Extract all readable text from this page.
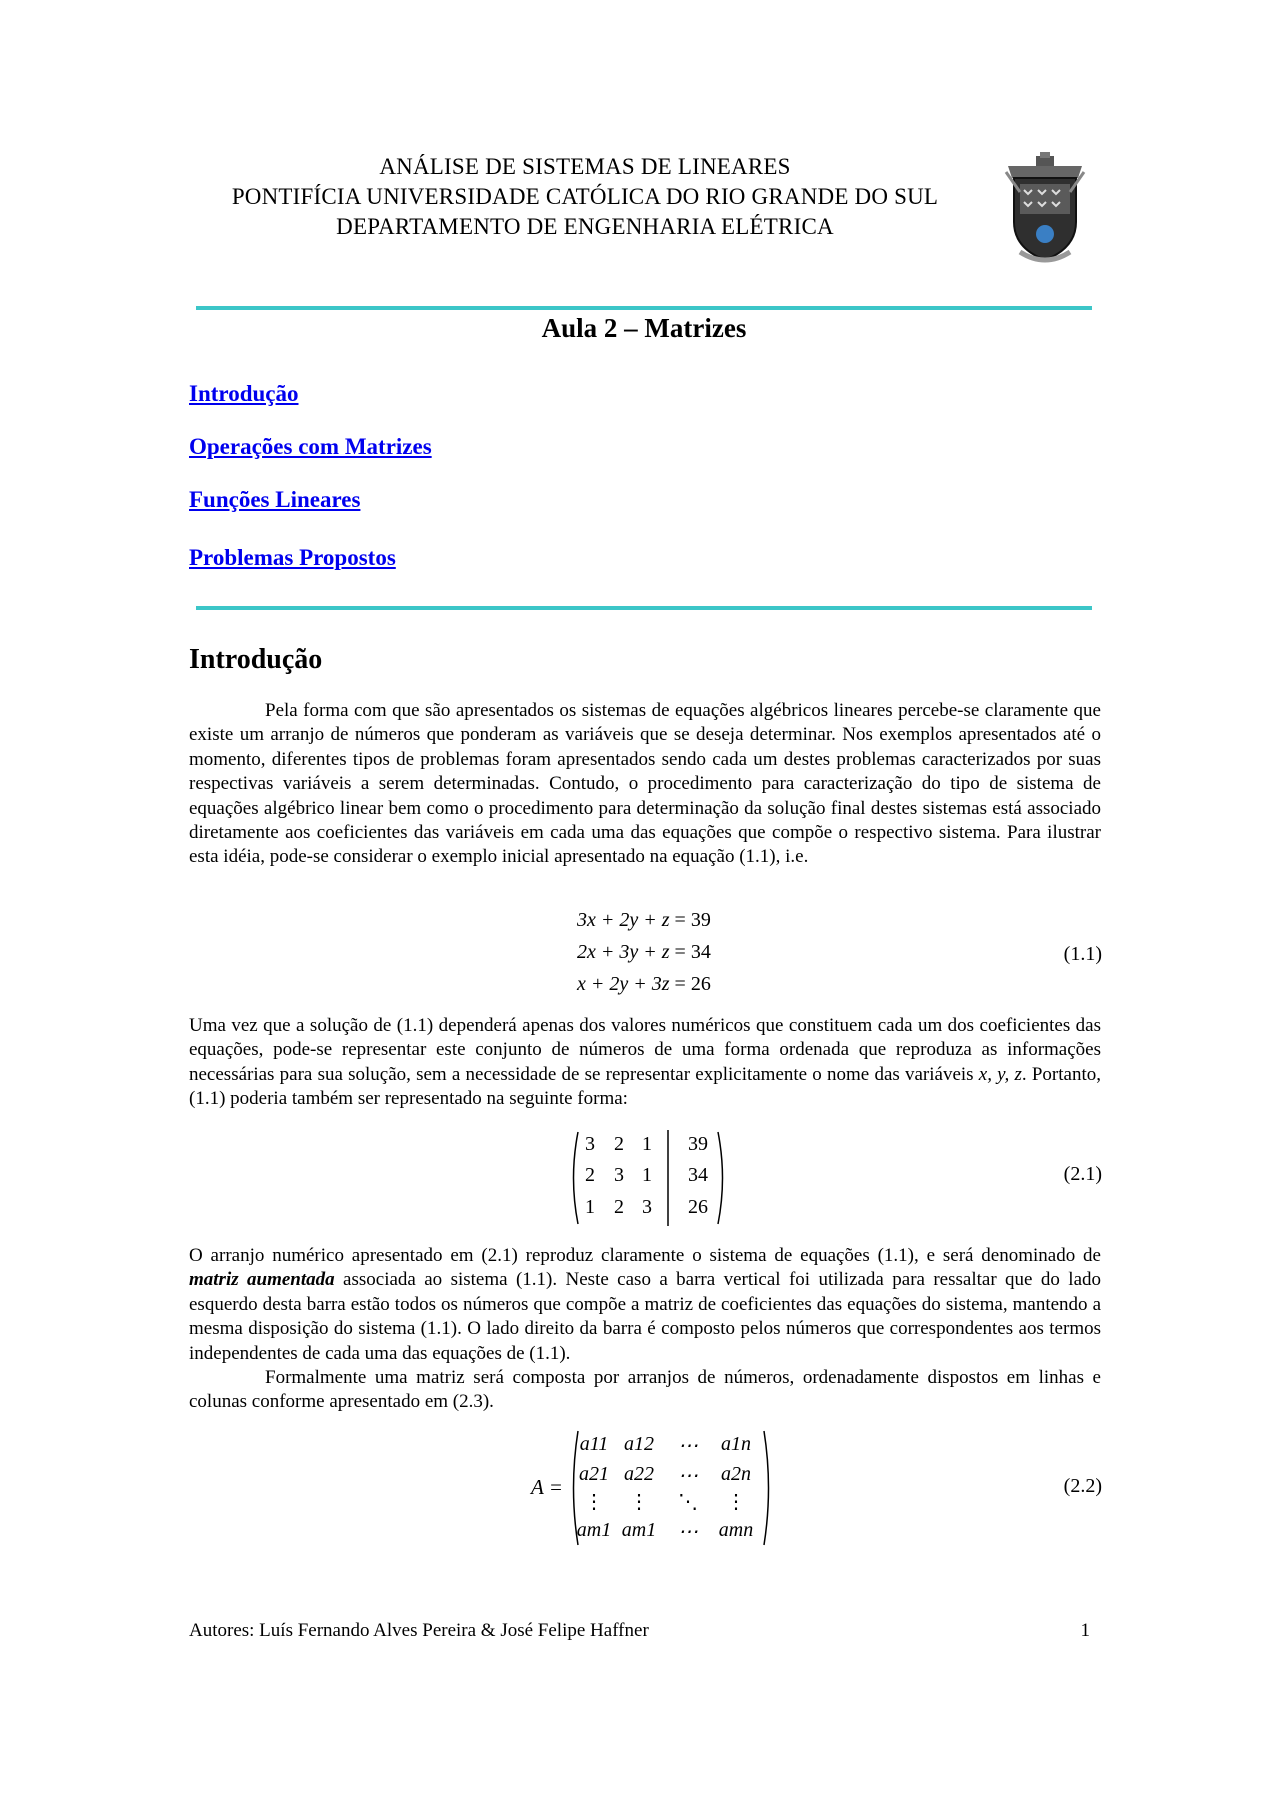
ANÁLISE DE SISTEMAS DE LINEARES
PONTIFÍCIA UNIVERSIDADE CATÓLICA DO RIO GRANDE DO SUL
DEPARTAMENTO DE ENGENHARIA ELÉTRICA
Aula 2 – Matrizes
Introdução
Operações com Matrizes
Funções Lineares
Problemas Propostos
Introdução
Pela forma com que são apresentados os sistemas de equações algébricos lineares percebe-se claramente que existe um arranjo de números que ponderam as variáveis que se deseja determinar. Nos exemplos apresentados até o momento, diferentes tipos de problemas foram apresentados sendo cada um destes problemas caracterizados por suas respectivas variáveis a serem determinadas. Contudo, o procedimento para caracterização do tipo de sistema de equações algébrico linear bem como o procedimento para determinação da solução final destes sistemas está associado diretamente aos coeficientes das variáveis em cada uma das equações que compõe o respectivo sistema. Para ilustrar esta idéia, pode-se considerar o exemplo inicial apresentado na equação (1.1), i.e.
3x + 2y + z = 39
2x + 3y + z = 34
x + 2y + 3z = 26
(1.1)
Uma vez que a solução de (1.1) dependerá apenas dos valores numéricos que constituem cada um dos coeficientes das equações, pode-se representar este conjunto de números de uma forma ordenada que reproduza as informações necessárias para sua solução, sem a necessidade de se representar explicitamente o nome das variáveis x, y, z. Portanto, (1.1) poderia também ser representado na seguinte forma:
3 2 1	39
2 3 1	34
1 2 3	26
(2.1)
O arranjo numérico apresentado em (2.1) reproduz claramente o sistema de equações (1.1), e será denominado de matriz aumentada associada ao sistema (1.1). Neste caso a barra vertical foi utilizada para ressaltar que do lado esquerdo desta barra estão todos os números que compõe a matriz de coeficientes das equações do sistema, mantendo a mesma disposição do sistema (1.1). O lado direito da barra é composto pelos números que correspondentes aos termos independentes de cada uma das equações de (1.1).
Formalmente uma matriz será composta por arranjos de números, ordenadamente dispostos em linhas e colunas conforme apresentado em (2.3).
A =
a11 a12	⋯	a1n
a21 a22	⋯	a2n
⋮	⋮	⋱	⋮
am1 am1	⋯	amn
(2.2)
Autores: Luís Fernando Alves Pereira & José Felipe Haffner	1
